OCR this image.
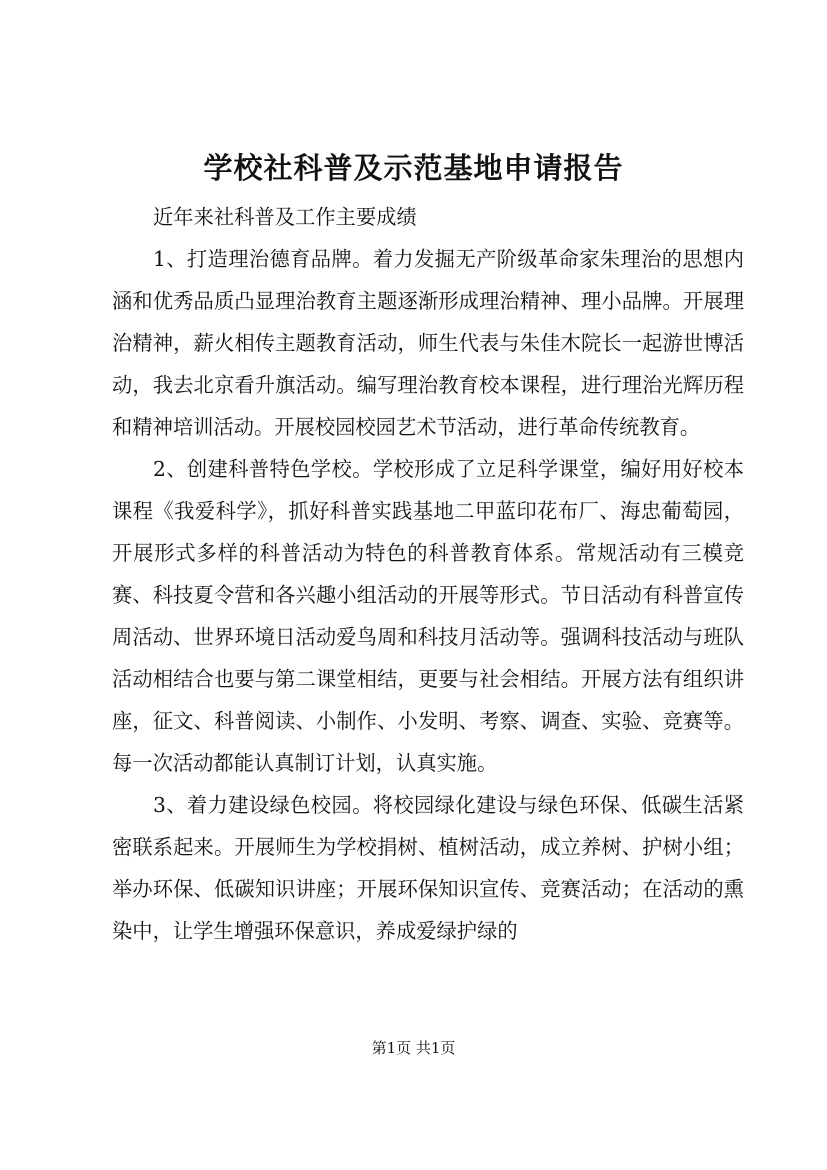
学校社科普及示范基地申请报告

近年来社科普及工作主要成绩

1、打造理治德育品牌。着力发掘无产阶级革命家朱理治的思想内涵和优秀品质凸显理治教育主题逐渐形成理治精神、理小品牌。开展理治精神，薪火相传主题教育活动，师生代表与朱佳木院长一起游世博活动，我去北京看升旗活动。编写理治教育校本课程，进行理治光辉历程和精神培训活动。开展校园校园艺术节活动，进行革命传统教育。

2、创建科普特色学校。学校形成了立足科学课堂，编好用好校本课程《我爱科学》，抓好科普实践基地二甲蓝印花布厂、海忠葡萄园，开展形式多样的科普活动为特色的科普教育体系。常规活动有三模竞赛、科技夏令营和各兴趣小组活动的开展等形式。节日活动有科普宣传周活动、世界环境日活动爱鸟周和科技月活动等。强调科技活动与班队活动相结合也要与第二课堂相结，更要与社会相结。开展方法有组织讲座，征文、科普阅读、小制作、小发明、考察、调查、实验、竞赛等。每一次活动都能认真制订计划，认真实施。

3、着力建设绿色校园。将校园绿化建设与绿色环保、低碳生活紧密联系起来。开展师生为学校捐树、植树活动，成立养树、护树小组；举办环保、低碳知识讲座；开展环保知识宣传、竞赛活动；在活动的熏染中，让学生增强环保意识，养成爱绿护绿的

第1页 共1页
